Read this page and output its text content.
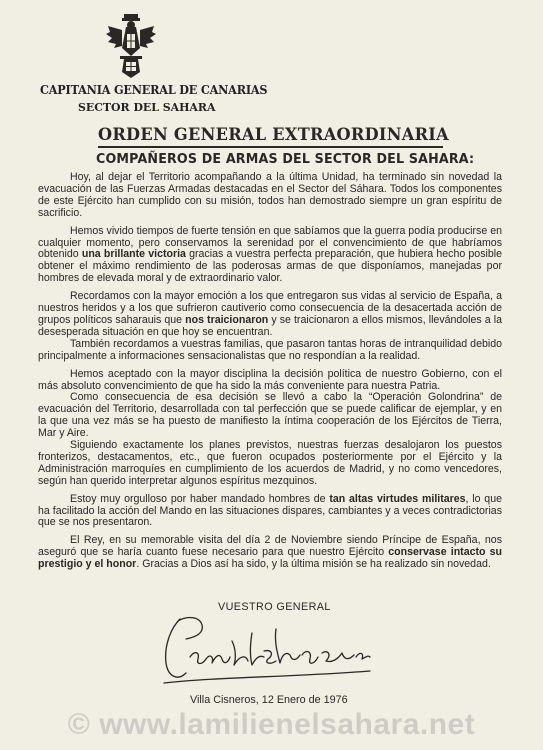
CAPITANIA GENERAL DE CANARIAS
SECTOR DEL SAHARA
ORDEN GENERAL EXTRAORDINARIA
COMPAÑEROS DE ARMAS DEL SECTOR DEL SAHARA:

Hoy, al dejar el Territorio acompañando a la última Unidad, ha terminado sin novedad la evacuación de las Fuerzas Armadas destacadas en el Sector del Sáhara. Todos los componentes de este Ejército han cumplido con su misión, todos han demostrado siempre un gran espíritu de sacrificio.

Hemos vivido tiempos de fuerte tensión en que sabíamos que la guerra podía producirse en cualquier momento, pero conservamos la serenidad por el convencimiento de que habríamos obtenido una brillante victoria gracias a vuestra perfecta preparación, que hubiera hecho posible obtener el máximo rendimiento de las poderosas armas de que disponíamos, manejadas por hombres de elevada moral y de extraordinario valor.

Recordamos con la mayor emoción a los que entregaron sus vidas al servicio de España, a nuestros heridos y a los que sufrieron cautiverio como consecuencia de la desacertada acción de grupos políticos saharauis que nos traicionaron y se traicionaron a ellos mismos, llevándoles a la desesperada situación en que hoy se encuentran.

También recordamos a vuestras familias, que pasaron tantas horas de intranquilidad debido principalmente a informaciones sensacionalistas que no respondían a la realidad.

Hemos aceptado con la mayor disciplina la decisión política de nuestro Gobierno, con el más absoluto convencimiento de que ha sido la más conveniente para nuestra Patria.

Como consecuencia de esa decisión se llevó a cabo la “Operación Golondrina” de evacuación del Territorio, desarrollada con tal perfección que se puede calificar de ejemplar, y en la que una vez más se ha puesto de manifiesto la íntima cooperación de los Ejércitos de Tierra, Mar y Aire.

Siguiendo exactamente los planes previstos, nuestras fuerzas desalojaron los puestos fronterizos, destacamentos, etc., que fueron ocupados posteriormente por el Ejército y la Administración marroquíes en cumplimiento de los acuerdos de Madrid, y no como vencedores, según han querido interpretar algunos espíritus mezquinos.

Estoy muy orgulloso por haber mandado hombres de tan altas virtudes militares, lo que ha facilitado la acción del Mando en las situaciones dispares, cambiantes y a veces contradictorias que se nos presentaron.

El Rey, en su memorable visita del día 2 de Noviembre siendo Príncipe de España, nos aseguró que se haría cuanto fuese necesario para que nuestro Ejército conservase intacto su prestigio y el honor. Gracias a Dios así ha sido, y la última misión se ha realizado sin novedad.

VUESTRO GENERAL
Villa Cisneros, 12 Enero de 1976
© www.lamilienelsahara.net
